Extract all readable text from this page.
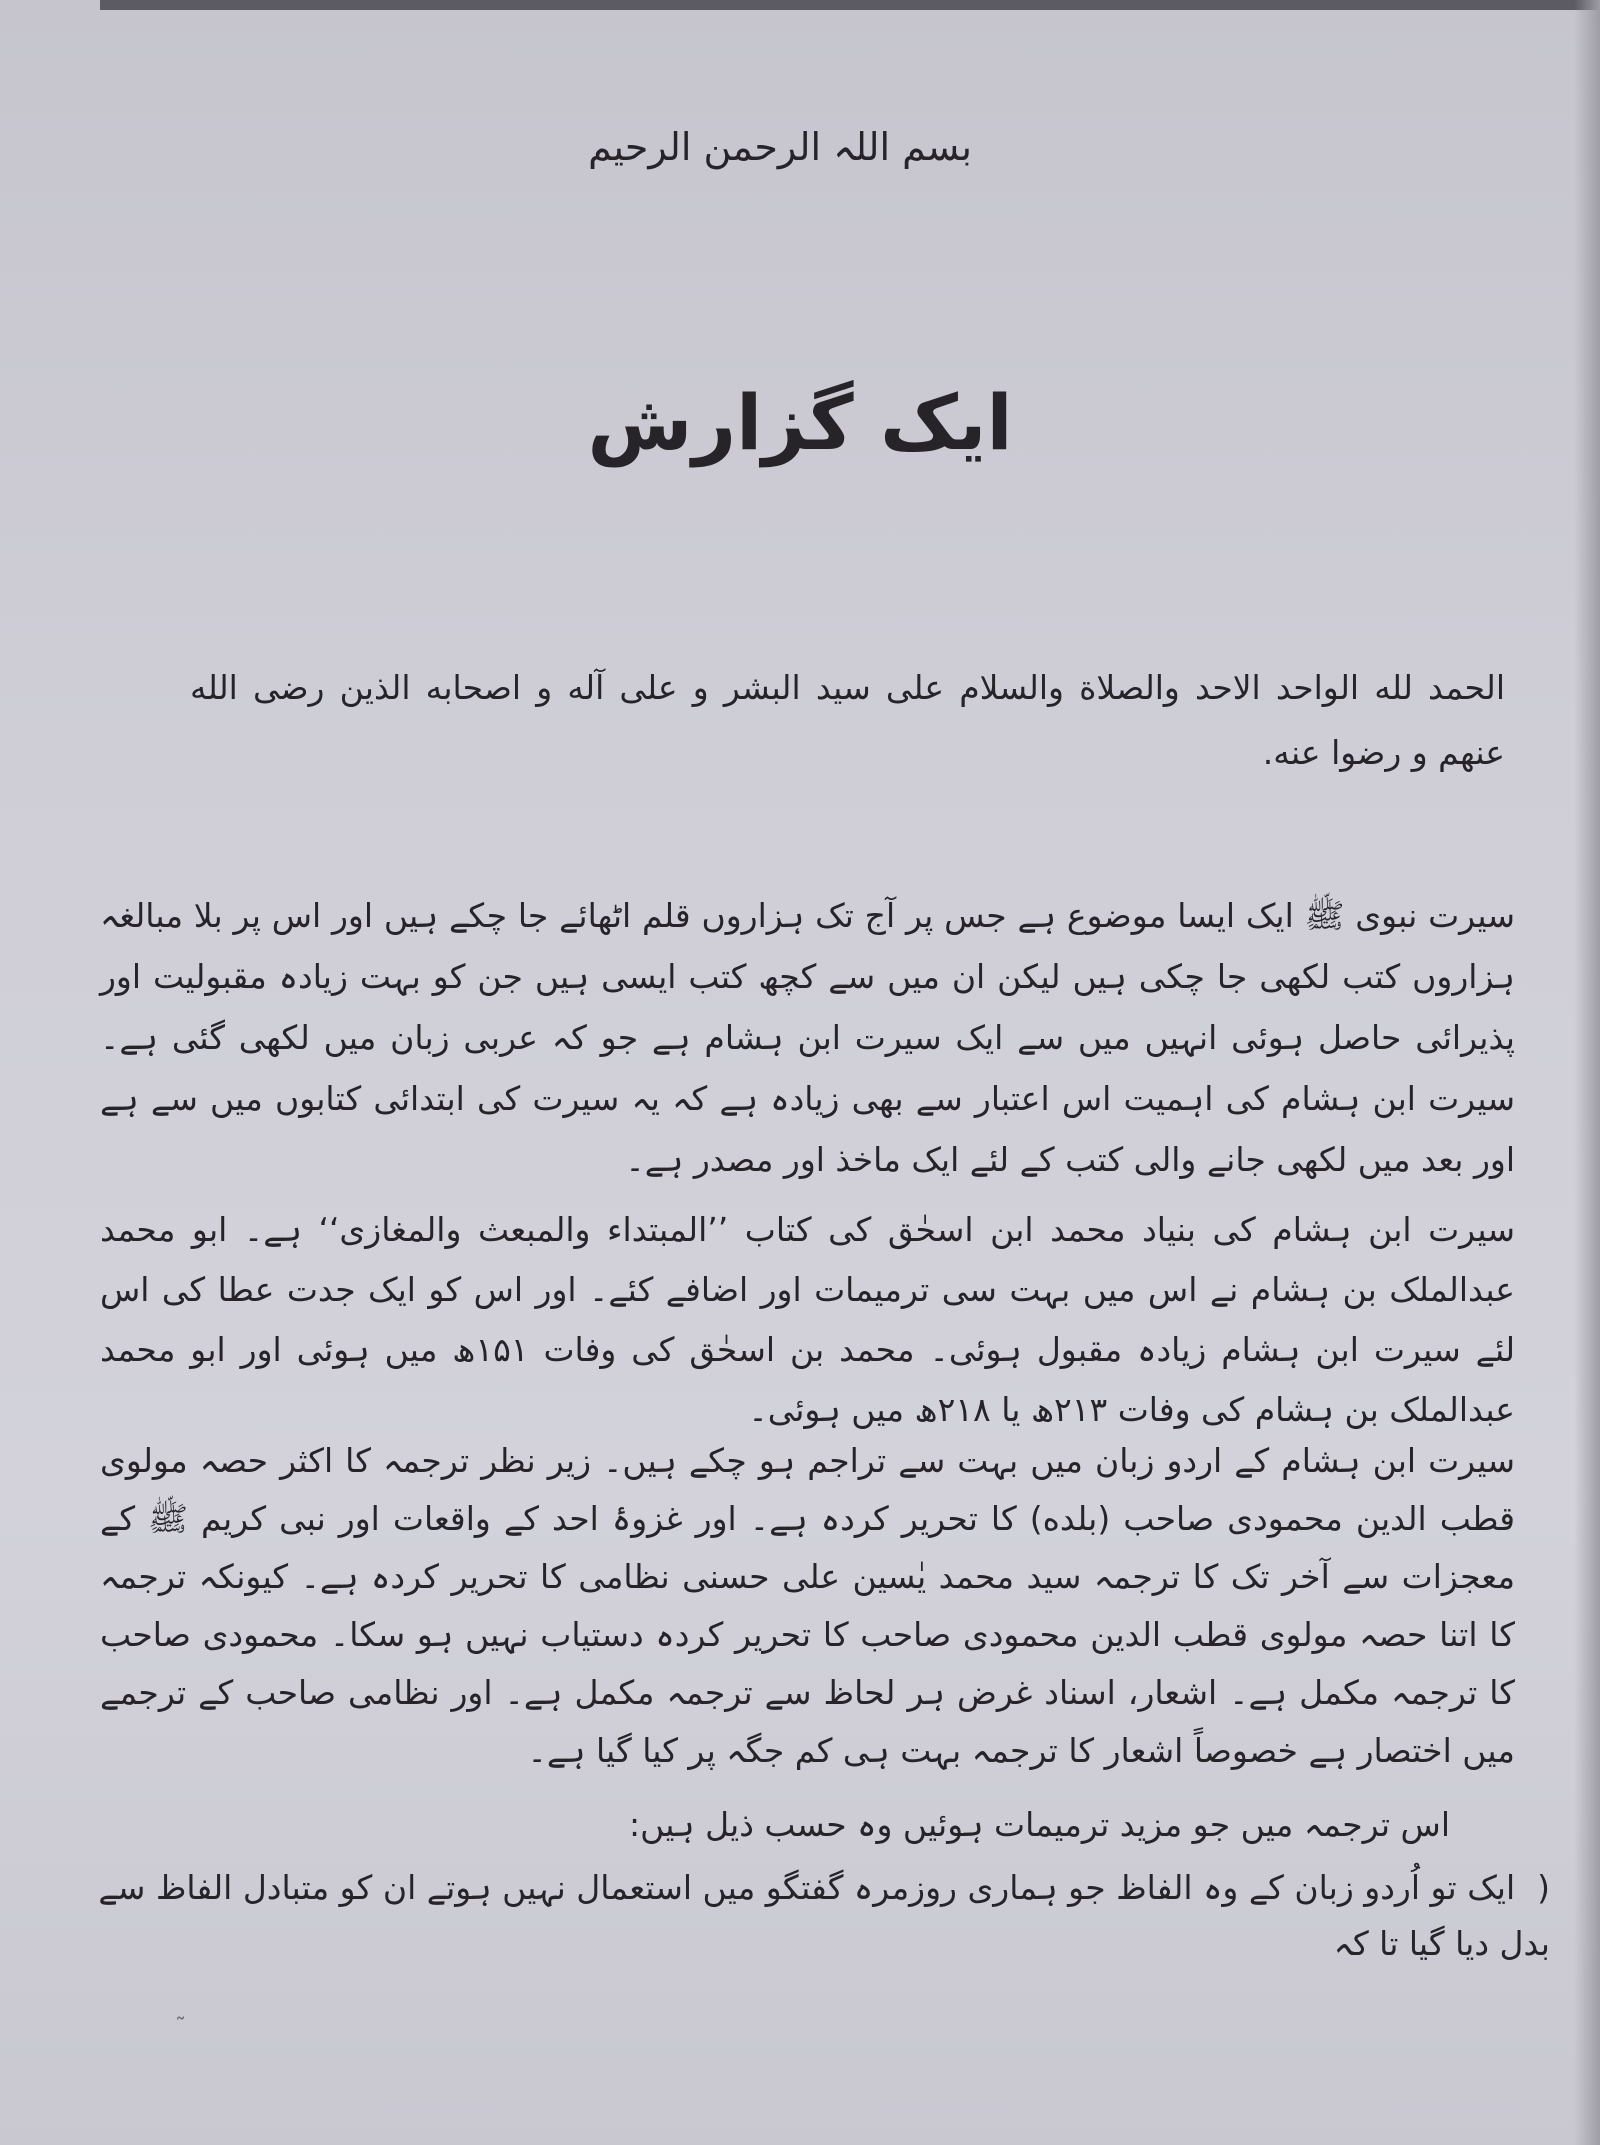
بسم اللہ الرحمن الرحیم
ایک گزارش
الحمد لله الواحد الاحد والصلاة والسلام علی سید البشر و علی آله و اصحابه الذین رضی الله عنهم و رضوا عنه.
سیرت نبوی ﷺ ایک ایسا موضوع ہے جس پر آج تک ہزاروں قلم اٹھائے جا چکے ہیں اور اس پر بلا مبالغہ ہزاروں کتب لکھی جا چکی ہیں لیکن ان میں سے کچھ کتب ایسی ہیں جن کو بہت زیادہ مقبولیت اور پذیرائی حاصل ہوئی انہیں میں سے ایک سیرت ابن ہشام ہے جو کہ عربی زبان میں لکھی گئی ہے۔ سیرت ابن ہشام کی اہمیت اس اعتبار سے بھی زیادہ ہے کہ یہ سیرت کی ابتدائی کتابوں میں سے ہے اور بعد میں لکھی جانے والی کتب کے لئے ایک ماخذ اور مصدر ہے۔
سیرت ابن ہشام کی بنیاد محمد ابن اسحٰق کی کتاب ’’المبتداء والمبعث والمغازی‘‘ ہے۔ ابو محمد عبدالملک بن ہشام نے اس میں بہت سی ترمیمات اور اضافے کئے۔ اور اس کو ایک جدت عطا کی اس لئے سیرت ابن ہشام زیادہ مقبول ہوئی۔ محمد بن اسحٰق کی وفات ۱۵۱ھ میں ہوئی اور ابو محمد عبدالملک بن ہشام کی وفات ۲۱۳ھ یا ۲۱۸ھ میں ہوئی۔
سیرت ابن ہشام کے اردو زبان میں بہت سے تراجم ہو چکے ہیں۔ زیر نظر ترجمہ کا اکثر حصہ مولوی قطب الدین محمودی صاحب (بلده) کا تحریر کردہ ہے۔ اور غزوۂ احد کے واقعات اور نبی کریم ﷺ کے معجزات سے آخر تک کا ترجمہ سید محمد یٰسین علی حسنی نظامی کا تحریر کردہ ہے۔ کیونکہ ترجمہ کا اتنا حصہ مولوی قطب الدین محمودی صاحب کا تحریر کردہ دستیاب نہیں ہو سکا۔ محمودی صاحب کا ترجمہ مکمل ہے۔ اشعار، اسناد غرض ہر لحاظ سے ترجمہ مکمل ہے۔ اور نظامی صاحب کے ترجمے میں اختصار ہے خصوصاً اشعار کا ترجمہ بہت ہی کم جگہ پر کیا گیا ہے۔
اس ترجمہ میں جو مزید ترمیمات ہوئیں وہ حسب ذیل ہیں:
(ایک تو اُردو زبان کے وہ الفاظ جو ہماری روزمرہ گفتگو میں استعمال نہیں ہوتے ان کو متبادل الفاظ سے بدل دیا گیا تا کہ
˜
